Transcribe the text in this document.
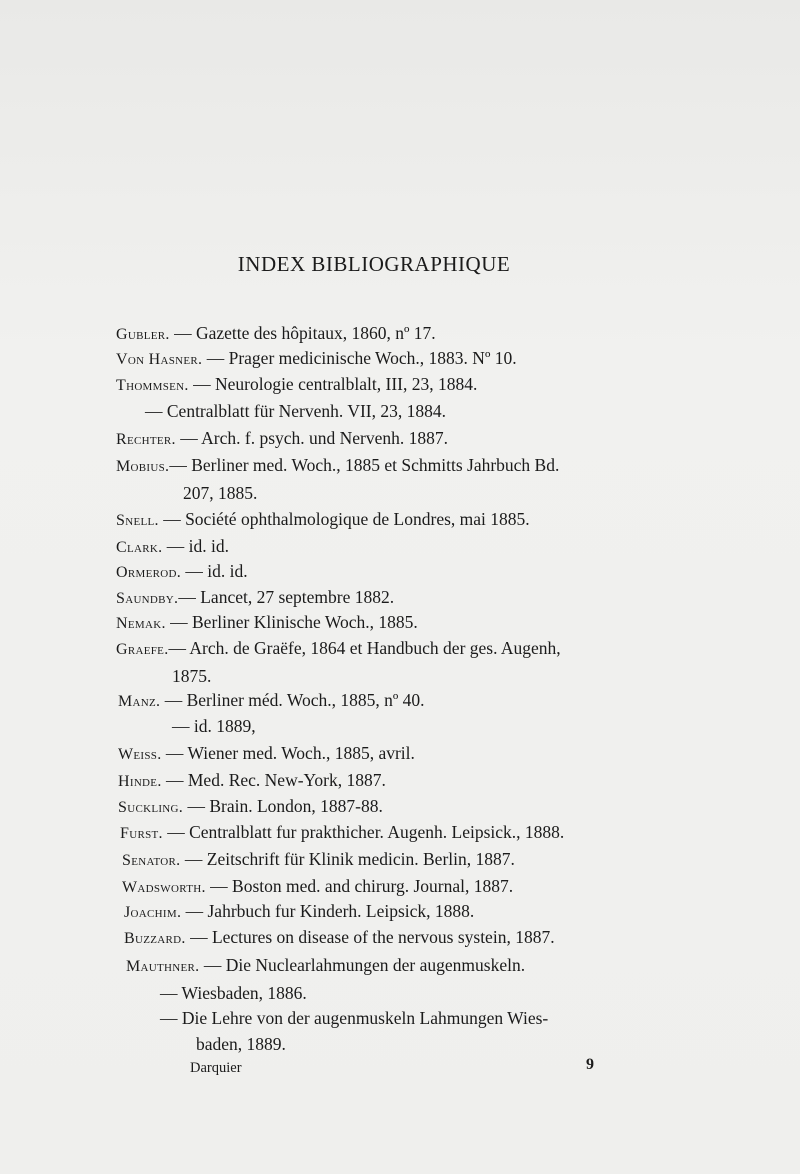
INDEX BIBLIOGRAPHIQUE
Gubler. — Gazette des hôpitaux, 1860, nº 17.
Von Hasner. — Prager medicinische Woch., 1883. Nº 10.
Thommsen. — Neurologie centralblalt, III, 23, 1884.
— Centralblatt für Nervenh. VII, 23, 1884.
Rechter. — Arch. f. psych. und Nervenh. 1887.
Mobius.— Berliner med. Woch., 1885 et Schmitts Jahrbuch Bd.
207, 1885.
Snell. — Société ophthalmologique de Londres, mai 1885.
Clark. — id. id.
Ormerod. — id. id.
Saundby.— Lancet, 27 septembre 1882.
Nemak. — Berliner Klinische Woch., 1885.
Graefe.— Arch. de Graëfe, 1864 et Handbuch der ges. Augenh,
1875.
Manz. — Berliner méd. Woch., 1885, nº 40.
— id. 1889,
Weiss. — Wiener med. Woch., 1885, avril.
Hinde. — Med. Rec. New-York, 1887.
Suckling. — Brain. London, 1887-88.
Furst. — Centralblatt fur prakthicher. Augenh. Leipsick., 1888.
Senator. — Zeitschrift für Klinik medicin. Berlin, 1887.
Wadsworth. — Boston med. and chirurg. Journal, 1887.
Joachim. — Jahrbuch fur Kinderh. Leipsick, 1888.
Buzzard. — Lectures on disease of the nervous systein, 1887.
Mauthner. — Die Nuclearlahmungen der augenmuskeln.
— Wiesbaden, 1886.
— Die Lehre von der augenmuskeln Lahmungen Wies-
baden, 1889.
Darquier	9
